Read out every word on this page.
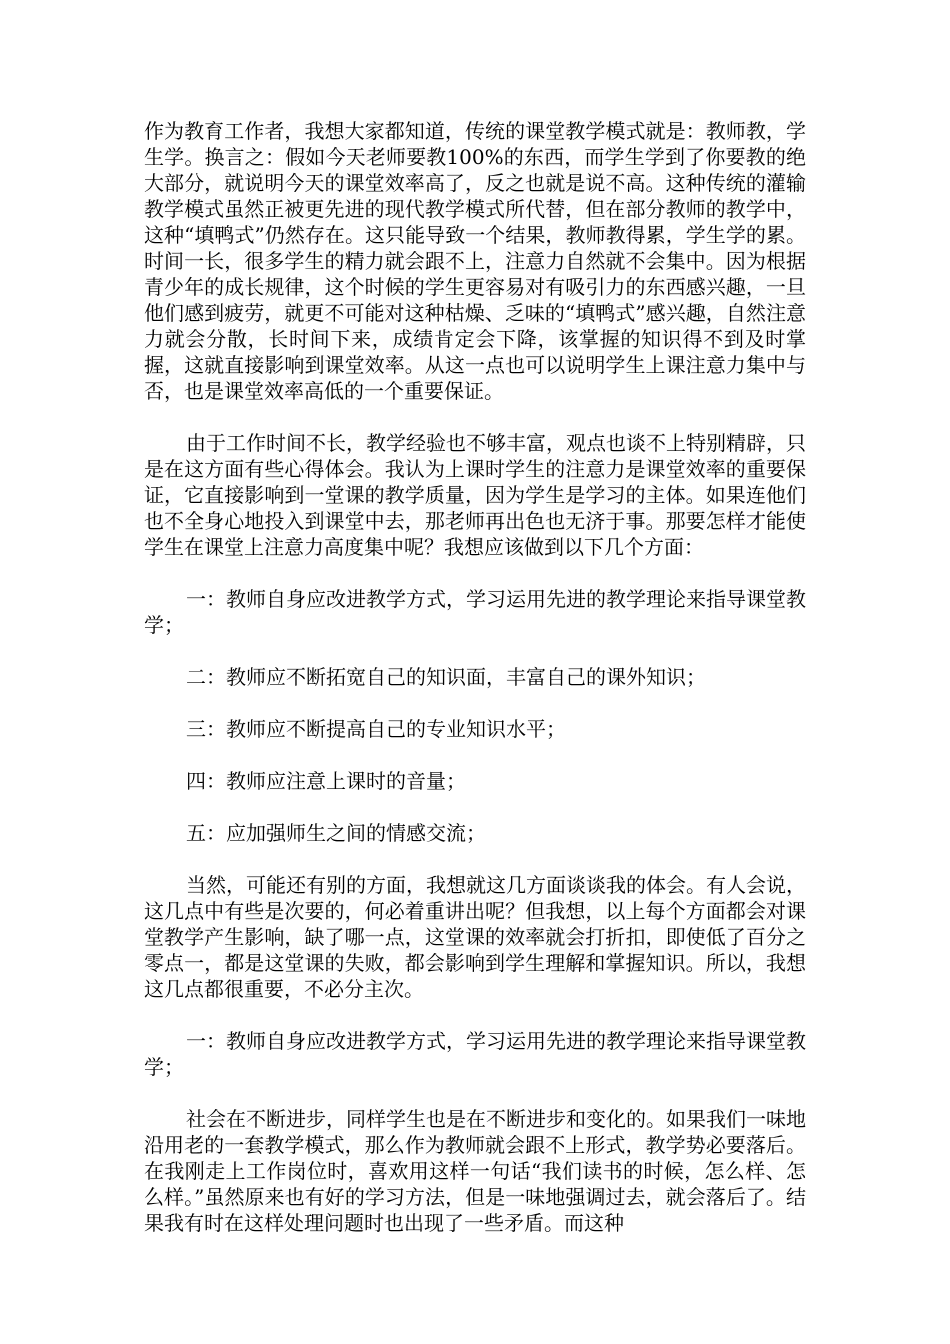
作为教育工作者，我想大家都知道，传统的课堂教学模式就是：教师教，学生学。换言之：假如今天老师要教100%的东西，而学生学到了你要教的绝大部分，就说明今天的课堂效率高了，反之也就是说不高。这种传统的灌输教学模式虽然正被更先进的现代教学模式所代替，但在部分教师的教学中，这种“填鸭式”仍然存在。这只能导致一个结果，教师教得累，学生学的累。时间一长，很多学生的精力就会跟不上，注意力自然就不会集中。因为根据青少年的成长规律，这个时候的学生更容易对有吸引力的东西感兴趣，一旦他们感到疲劳，就更不可能对这种枯燥、乏味的“填鸭式”感兴趣，自然注意力就会分散，长时间下来，成绩肯定会下降，该掌握的知识得不到及时掌握，这就直接影响到课堂效率。从这一点也可以说明学生上课注意力集中与否，也是课堂效率高低的一个重要保证。

由于工作时间不长，教学经验也不够丰富，观点也谈不上特别精辟，只是在这方面有些心得体会。我认为上课时学生的注意力是课堂效率的重要保证，它直接影响到一堂课的教学质量，因为学生是学习的主体。如果连他们也不全身心地投入到课堂中去，那老师再出色也无济于事。那要怎样才能使学生在课堂上注意力高度集中呢？我想应该做到以下几个方面：

一：教师自身应改进教学方式，学习运用先进的教学理论来指导课堂教学；

二：教师应不断拓宽自己的知识面，丰富自己的课外知识；

三：教师应不断提高自己的专业知识水平；

四：教师应注意上课时的音量；

五：应加强师生之间的情感交流；

当然，可能还有别的方面，我想就这几方面谈谈我的体会。有人会说，这几点中有些是次要的，何必着重讲出呢？但我想，以上每个方面都会对课堂教学产生影响，缺了哪一点，这堂课的效率就会打折扣，即使低了百分之零点一，都是这堂课的失败，都会影响到学生理解和掌握知识。所以，我想这几点都很重要，不必分主次。

一：教师自身应改进教学方式，学习运用先进的教学理论来指导课堂教学；

社会在不断进步，同样学生也是在不断进步和变化的。如果我们一味地沿用老的一套教学模式，那么作为教师就会跟不上形式，教学势必要落后。在我刚走上工作岗位时，喜欢用这样一句话“我们读书的时候，怎么样、怎么样。”虽然原来也有好的学习方法，但是一味地强调过去，就会落后了。结果我有时在这样处理问题时也出现了一些矛盾。而这种
